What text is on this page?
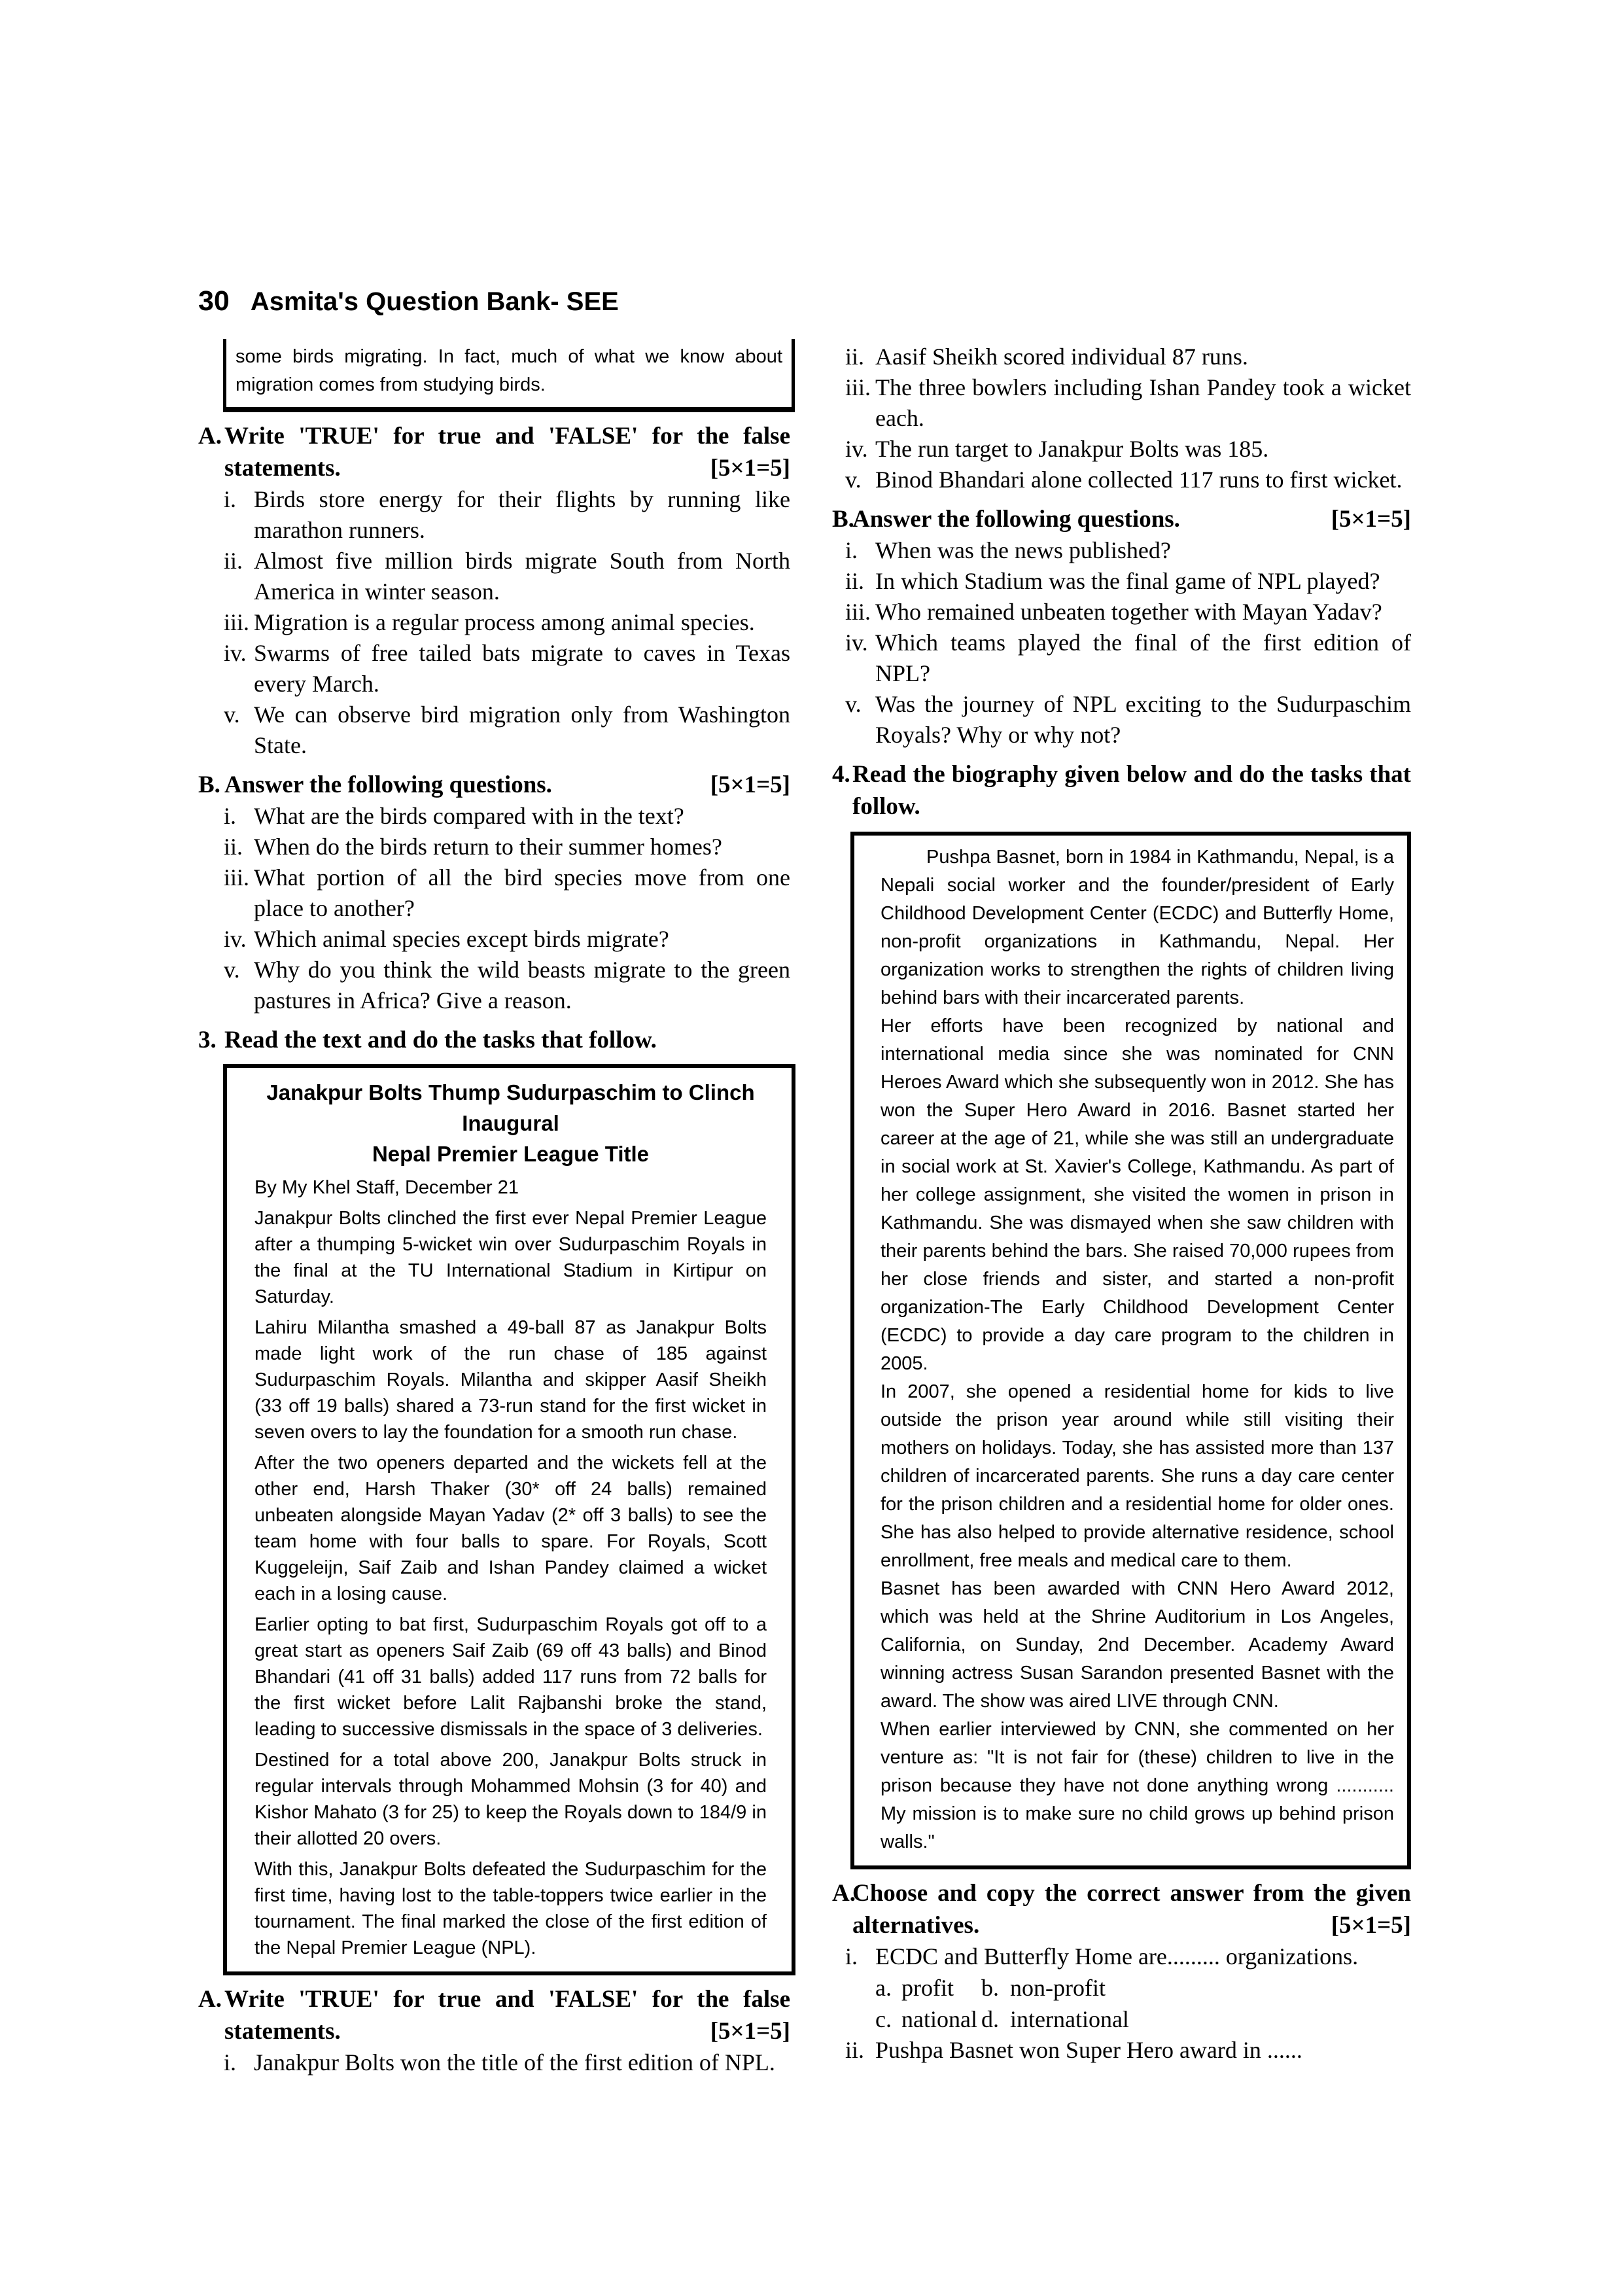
30 Asmita's Question Bank- SEE
some birds migrating. In fact, much of what we know about migration comes from studying birds.
A. Write 'TRUE' for true and 'FALSE' for the false statements.	[5×1=5]
i. Birds store energy for their flights by running like marathon runners.
ii. Almost five million birds migrate South from North America in winter season.
iii. Migration is a regular process among animal species.
iv. Swarms of free tailed bats migrate to caves in Texas every March.
v. We can observe bird migration only from Washington State.
B. Answer the following questions.	[5×1=5]
i. What are the birds compared with in the text?
ii. When do the birds return to their summer homes?
iii. What portion of all the bird species move from one place to another?
iv. Which animal species except birds migrate?
v. Why do you think the wild beasts migrate to the green pastures in Africa? Give a reason.
3. Read the text and do the tasks that follow.
Janakpur Bolts Thump Sudurpaschim to Clinch Inaugural
Nepal Premier League Title

By My Khel Staff, December 21

Janakpur Bolts clinched the first ever Nepal Premier League after a thumping 5-wicket win over Sudurpaschim Royals in the final at the TU International Stadium in Kirtipur on Saturday.

Lahiru Milantha smashed a 49-ball 87 as Janakpur Bolts made light work of the run chase of 185 against Sudurpaschim Royals. Milantha and skipper Aasif Sheikh (33 off 19 balls) shared a 73-run stand for the first wicket in seven overs to lay the foundation for a smooth run chase.

After the two openers departed and the wickets fell at the other end, Harsh Thaker (30* off 24 balls) remained unbeaten alongside Mayan Yadav (2* off 3 balls) to see the team home with four balls to spare. For Royals, Scott Kuggeleijn, Saif Zaib and Ishan Pandey claimed a wicket each in a losing cause.

Earlier opting to bat first, Sudurpaschim Royals got off to a great start as openers Saif Zaib (69 off 43 balls) and Binod Bhandari (41 off 31 balls) added 117 runs from 72 balls for the first wicket before Lalit Rajbanshi broke the stand, leading to successive dismissals in the space of 3 deliveries.

Destined for a total above 200, Janakpur Bolts struck in regular intervals through Mohammed Mohsin (3 for 40) and Kishor Mahato (3 for 25) to keep the Royals down to 184/9 in their allotted 20 overs.

With this, Janakpur Bolts defeated the Sudurpaschim for the first time, having lost to the table-toppers twice earlier in the tournament. The final marked the close of the first edition of the Nepal Premier League (NPL).

A. Write 'TRUE' for true and 'FALSE' for the false statements.	[5×1=5]
i. Janakpur Bolts won the title of the first edition of NPL.
ii. Aasif Sheikh scored individual 87 runs.
iii. The three bowlers including Ishan Pandey took a wicket each.
iv. The run target to Janakpur Bolts was 185.
v. Binod Bhandari alone collected 117 runs to first wicket.
B.
Answer the following questions.	[5×1=5]
i. When was the news published?
ii. In which Stadium was the final game of NPL played?
iii. Who remained unbeaten together with Mayan Yadav?
iv. Which teams played the final of the first edition of NPL?
v. Was the journey of NPL exciting to the Sudurpaschim Royals? Why or why not?
4. Read the biography given below and do the tasks that follow.

Pushpa Basnet, born in 1984 in Kathmandu, Nepal, is a Nepali social worker and the founder/president of Early Childhood Development Center (ECDC) and Butterfly Home, non-profit organizations in Kathmandu, Nepal. Her organization works to strengthen the rights of children living behind bars with their incarcerated parents.

Her efforts have been recognized by national and international media since she was nominated for CNN Heroes Award which she subsequently won in 2012. She has won the Super Hero Award in 2016. Basnet started her career at the age of 21, while she was still an undergraduate in social work at St. Xavier's College, Kathmandu. As part of her college assignment, she visited the women in prison in Kathmandu. She was dismayed when she saw children with their parents behind the bars. She raised 70,000 rupees from her close friends and sister, and started a non-profit organization-The Early Childhood Development Center (ECDC) to provide a day care program to the children in 2005.

In 2007, she opened a residential home for kids to live outside the prison year around while still visiting their mothers on holidays. Today, she has assisted more than 137 children of incarcerated parents. She runs a day care center for the prison children and a residential home for older ones. She has also helped to provide alternative residence, school enrollment, free meals and medical care to them.

Basnet has been awarded with CNN Hero Award 2012, which was held at the Shrine Auditorium in Los Angeles, California, on Sunday, 2nd December. Academy Award winning actress Susan Sarandon presented Basnet with the award. The show was aired LIVE through CNN.

When earlier interviewed by CNN, she commented on her venture as: "It is not fair for (these) children to live in the prison because they have not done anything wrong ........... My mission is to make sure no child grows up behind prison walls."

A.
Choose and copy the correct answer from the given alternatives.	[5×1=5]
i. ECDC and Butterfly Home are......... organizations.
a. profit	b. non-profit
c. national d. international
ii. Pushpa Basnet won Super Hero award in ......
